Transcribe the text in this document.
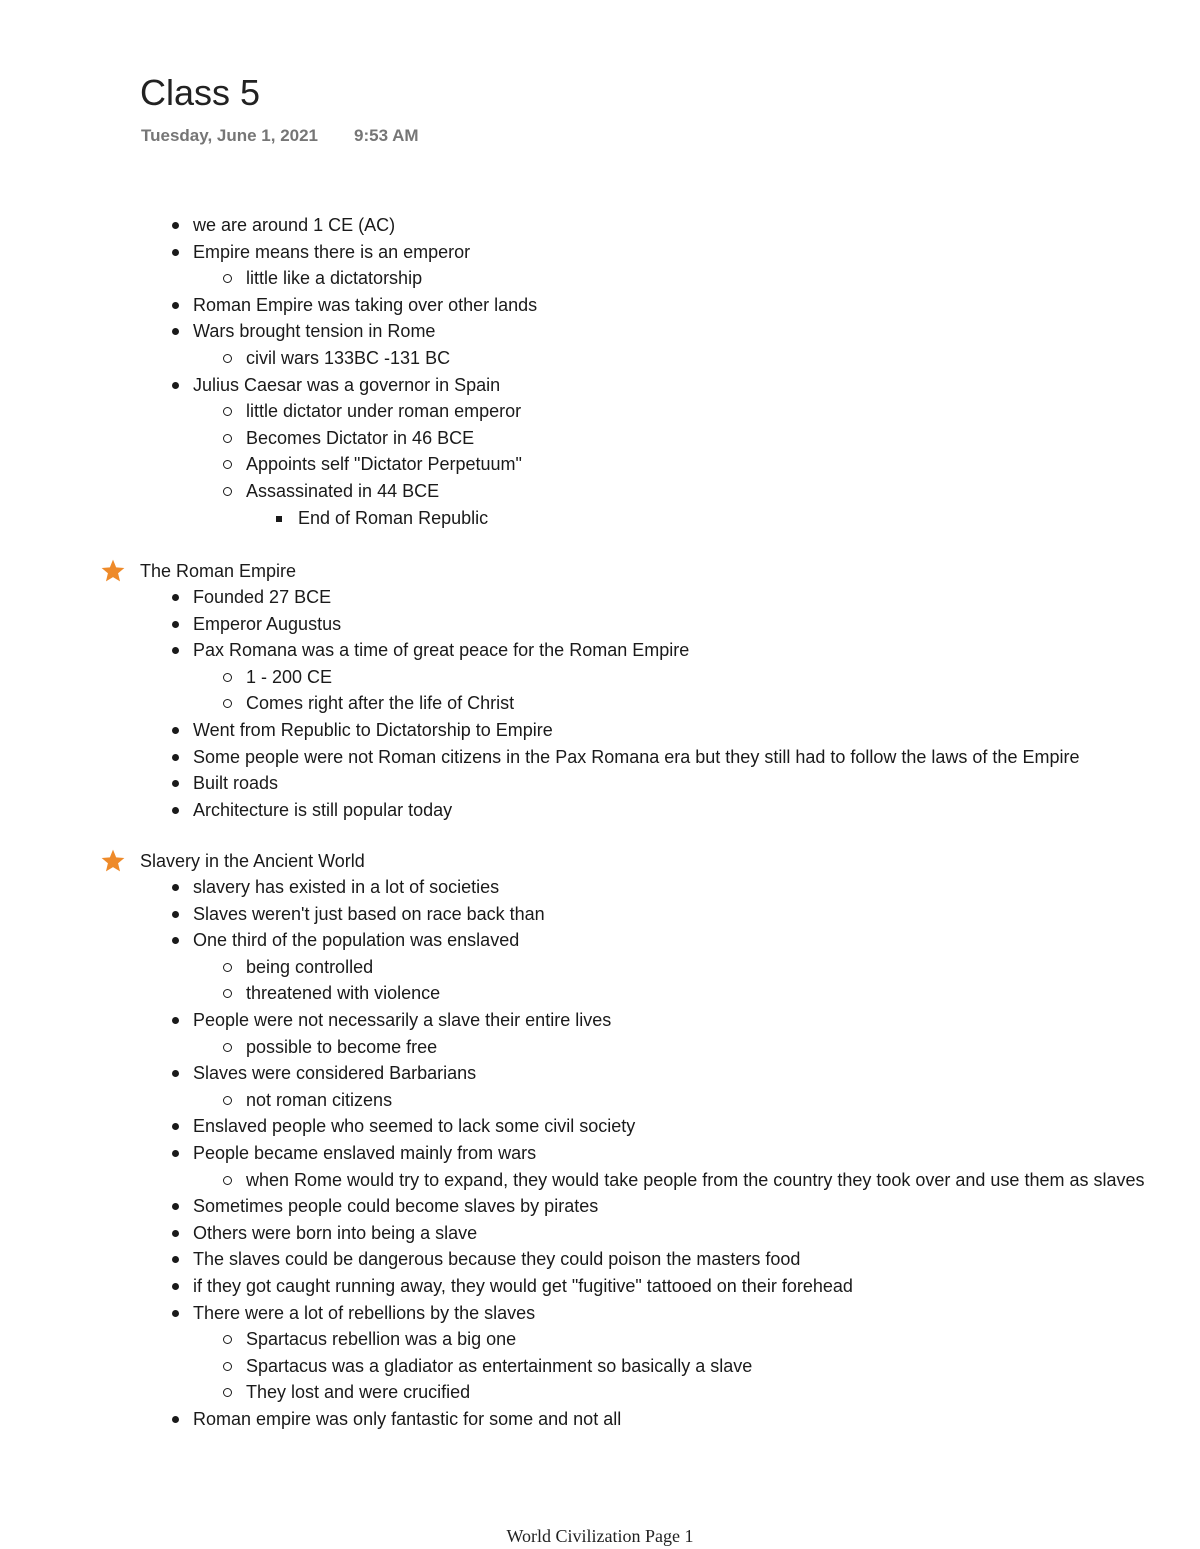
Class 5
Tuesday, June 1, 2021 9:53 AM
we are around 1 CE (AC)
Empire means there is an emperor
little like a dictatorship
Roman Empire was taking over other lands
Wars brought tension in Rome
civil wars 133BC -131 BC
Julius Caesar was a governor in Spain
little dictator under roman emperor
Becomes Dictator in 46 BCE
Appoints self "Dictator Perpetuum"
Assassinated in 44 BCE
End of Roman Republic
The Roman Empire
Founded 27 BCE
Emperor Augustus
Pax Romana was a time of great peace for the Roman Empire
1 - 200 CE
Comes right after the life of Christ
Went from Republic to Dictatorship to Empire
Some people were not Roman citizens in the Pax Romana era but they still had to follow the laws of the Empire
Built roads
Architecture is still popular today
Slavery in the Ancient World
slavery has existed in a lot of societies
Slaves weren't just based on race back than
One third of the population was enslaved
being controlled
threatened with violence
People were not necessarily a slave their entire lives
possible to become free
Slaves were considered Barbarians
not roman citizens
Enslaved people who seemed to lack some civil society
People became enslaved mainly from wars
when Rome would try to expand, they would take people from the country they took over and use them as slaves
Sometimes people could become slaves by pirates
Others were born into being a slave
The slaves could be dangerous because they could poison the masters food
if they got caught running away, they would get "fugitive" tattooed on their forehead
There were a lot of rebellions by the slaves
Spartacus rebellion was a big one
Spartacus was a gladiator as entertainment so basically a slave
They lost and were crucified
Roman empire was only fantastic for some and not all
World Civilization Page 1
